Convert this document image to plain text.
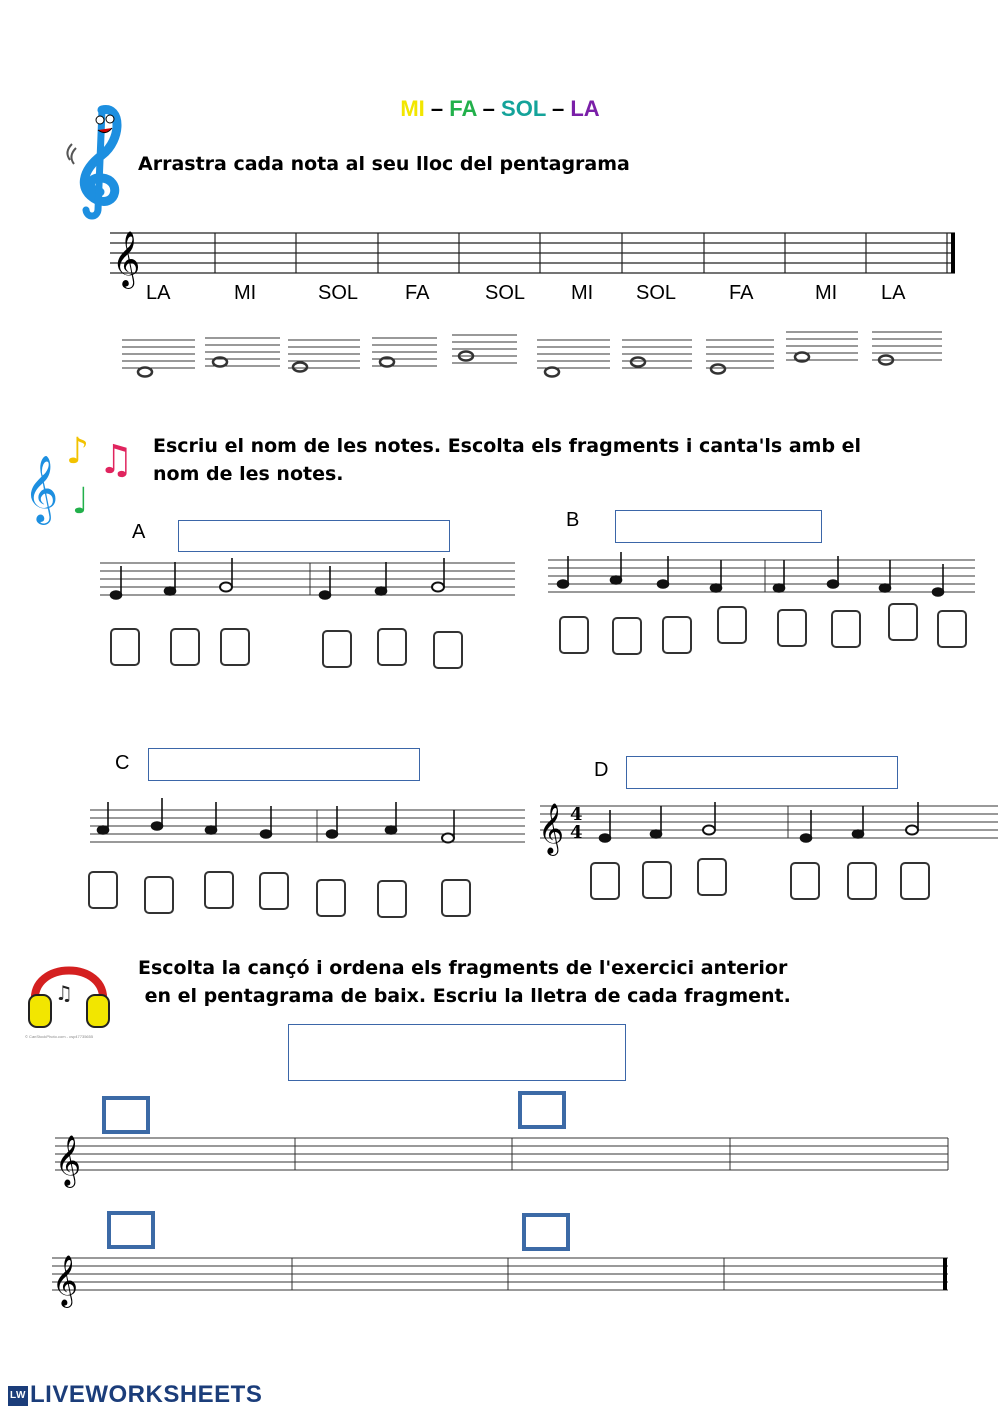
MI – FA – SOL – LA
Arrastra cada nota al seu lloc del pentagrama
𝄞
LA	MI	SOL FA	SOL MI SOL	FA	MI LA
𝄞
♪ ♫
♩
Escriu el nom de les notes. Escolta els fragments i canta'ls amb el
nom de les notes.
A
B
C	D
𝄞 4
4
♫
© CanStockPhoto.com - csp47735655
Escolta la cançó i ordena els fragments de l'exercici anterior
en el pentagrama de baix. Escriu la lletra de cada fragment.
𝄞
𝄞
LW LIVEWORKSHEETS
